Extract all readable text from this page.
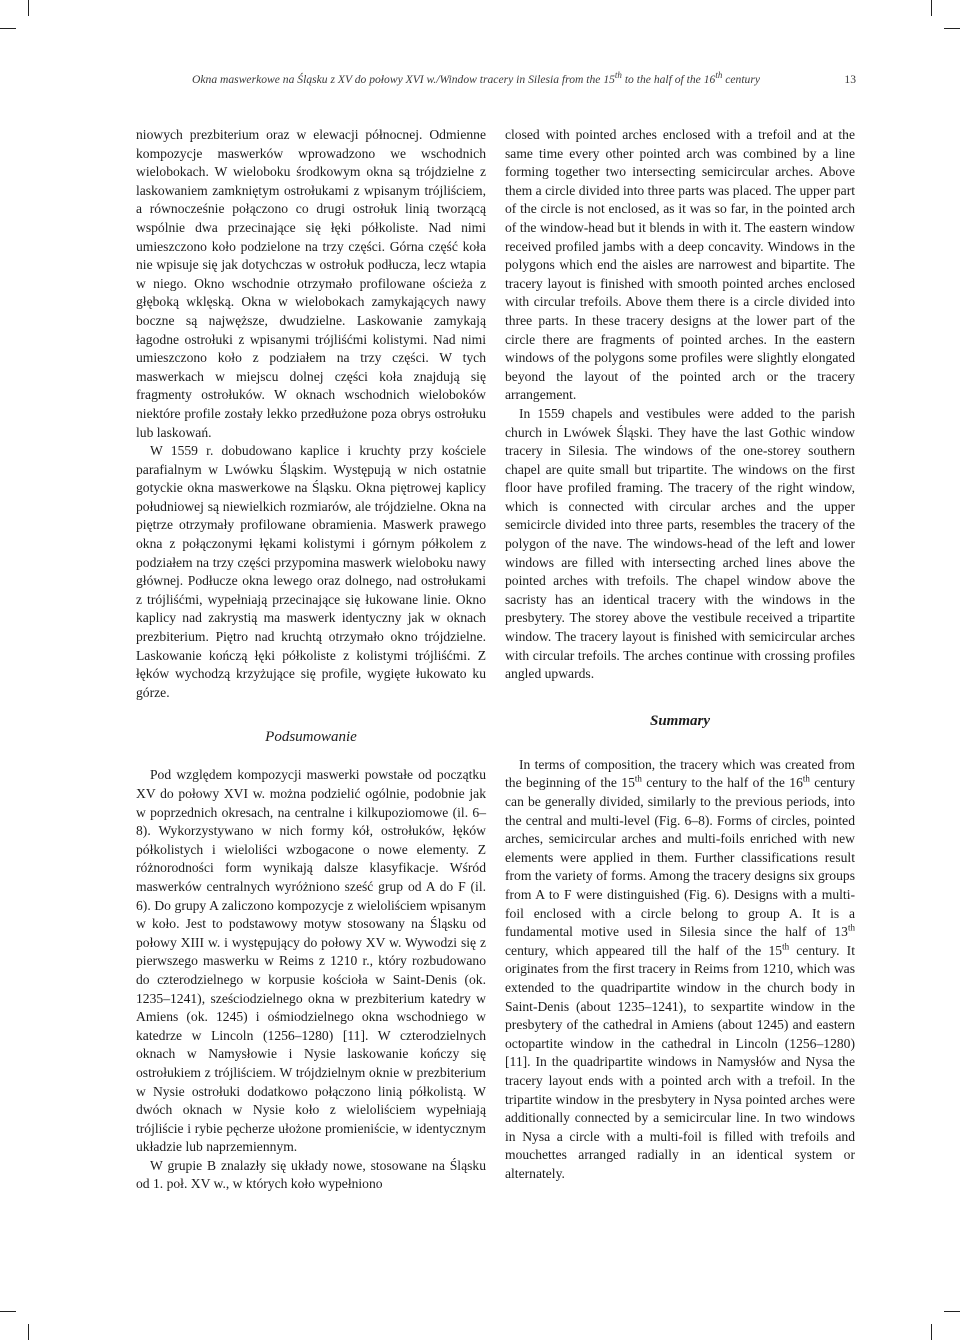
Okna maswerkowe na Śląsku z XV do połowy XVI w./Window tracery in Silesia from the 15th to the half of the 16th century	13

niowych prezbiterium oraz w elewacji północnej. Odmienne kompozycje maswerków wprowadzono we wschodnich wielobokach. W wieloboku środkowym okna są trójdzielne z laskowaniem zamkniętym ostrołukami z wpisanym trójliściem, a równocześnie połączono co drugi ostrołuk linią tworzącą wspólnie dwa przecinające się łęki półkoliste. Nad nimi umieszczono koło podzielone na trzy części. Górna część koła nie wpisuje się jak dotychczas w ostrołuk podłucza, lecz wtapia w niego. Okno wschodnie otrzymało profilowane ościeża z głęboką wklęską. Okna w wielobokach zamykających nawy boczne są najwęższe, dwudzielne. Laskowanie zamykają łagodne ostrołuki z wpisanymi trójliśćmi kolistymi. Nad nimi umieszczono koło z podziałem na trzy części. W tych maswerkach w miejscu dolnej części koła znajdują się fragmenty ostrołuków. W oknach wschodnich wieloboków niektóre profile zostały lekko przedłużone poza obrys ostrołuku lub laskowań.

W 1559 r. dobudowano kaplice i kruchty przy kościele parafialnym w Lwówku Śląskim. Występują w nich ostatnie gotyckie okna maswerkowe na Śląsku. Okna piętrowej kaplicy południowej są niewielkich rozmiarów, ale trójdzielne. Okna na piętrze otrzymały profilowane obramienia. Maswerk prawego okna z połączonymi łękami kolistymi i górnym półkolem z podziałem na trzy części przypomina maswerk wieloboku nawy głównej. Podłucze okna lewego oraz dolnego, nad ostrołukami z trójliśćmi, wypełniają przecinające się łukowane linie. Okno kaplicy nad zakrystią ma maswerk identyczny jak w oknach prezbiterium. Piętro nad kruchtą otrzymało okno trójdzielne. Laskowanie kończą łęki półkoliste z kolistymi trójliśćmi. Z łęków wychodzą krzyżujące się profile, wygięte łukowato ku górze.

Podsumowanie

Pod względem kompozycji maswerki powstałe od początku XV do połowy XVI w. można podzielić ogólnie, podobnie jak w poprzednich okresach, na centralne i kilkupoziomowe (il. 6–8). Wykorzystywano w nich formy kół, ostrołuków, łęków półkolistych i wieloliści wzbogacone o nowe elementy. Z różnorodności form wynikają dalsze klasyfikacje. Wśród maswerków centralnych wyróżniono sześć grup od A do F (il. 6). Do grupy A zaliczono kompozycje z wieloliściem wpisanym w koło. Jest to podstawowy motyw stosowany na Śląsku od połowy XIII w. i występujący do połowy XV w. Wywodzi się z pierwszego maswerku w Reims z 1210 r., który rozbudowano do czterodzielnego w korpusie kościoła w Saint-Denis (ok. 1235–1241), sześciodzielnego okna w prezbiterium katedry w Amiens (ok. 1245) i ośmiodzielnego okna wschodniego w katedrze w Lincoln (1256–1280) [11]. W czterodzielnych oknach w Namysłowie i Nysie laskowanie kończy się ostrołukiem z trójliściem. W trójdzielnym oknie w prezbiterium w Nysie ostrołuki dodatkowo połączono linią półkolistą. W dwóch oknach w Nysie koło z wieloliściem wypełniają trójliście i rybie pęcherze ułożone promieniście, w identycznym układzie lub naprzemiennym.

W grupie B znalazły się układy nowe, stosowane na Śląsku od 1. poł. XV w., w których koło wypełniono

closed with pointed arches enclosed with a trefoil and at the same time every other pointed arch was combined by a line forming together two intersecting semicircular arches. Above them a circle divided into three parts was placed. The upper part of the circle is not enclosed, as it was so far, in the pointed arch of the window-head but it blends in with it. The eastern window received profiled jambs with a deep concavity. Windows in the polygons which end the aisles are narrowest and bipartite. The tracery layout is finished with smooth pointed arches enclosed with circular trefoils. Above them there is a circle divided into three parts. In these tracery designs at the lower part of the circle there are fragments of pointed arches. In the eastern windows of the polygons some profiles were slightly elongated beyond the layout of the pointed arch or the tracery arrangement.

In 1559 chapels and vestibules were added to the parish church in Lwówek Śląski. They have the last Gothic window tracery in Silesia. The windows of the one-storey southern chapel are quite small but tripartite. The windows on the first floor have profiled framing. The tracery of the right window, which is connected with circular arches and the upper semicircle divided into three parts, resembles the tracery of the polygon of the nave. The windows-head of the left and lower windows are filled with intersecting arched lines above the pointed arches with trefoils. The chapel window above the sacristy has an identical tracery with the windows in the presbytery. The storey above the vestibule received a tripartite window. The tracery layout is finished with semicircular arches with circular trefoils. The arches continue with crossing profiles angled upwards.

Summary

In terms of composition, the tracery which was created from the beginning of the 15th century to the half of the 16th century can be generally divided, similarly to the previous periods, into the central and multi-level (Fig. 6–8). Forms of circles, pointed arches, semicircular arches and multi-foils enriched with new elements were applied in them. Further classifications result from the variety of forms. Among the tracery designs six groups from A to F were distinguished (Fig. 6). Designs with a multi-foil enclosed with a circle belong to group A. It is a fundamental motive used in Silesia since the half of 13th century, which appeared till the half of the 15th century. It originates from the first tracery in Reims from 1210, which was extended to the quadripartite window in the church body in Saint-Denis (about 1235–1241), to sexpartite window in the presbytery of the cathedral in Amiens (about 1245) and eastern octopartite window in the cathedral in Lincoln (1256–1280) [11]. In the quadripartite windows in Namysłów and Nysa the tracery layout ends with a pointed arch with a trefoil. In the tripartite window in the presbytery in Nysa pointed arches were additionally connected by a semicircular line. In two windows in Nysa a circle with a multi-foil is filled with trefoils and mouchettes arranged radially in an identical system or alternately.
